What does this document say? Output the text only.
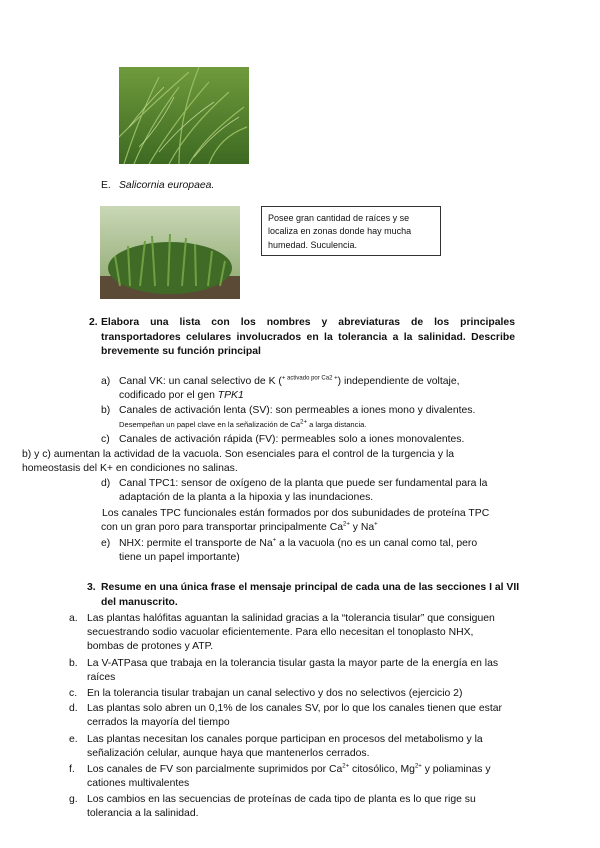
E. Salicornia europaea.
Posee gran cantidad de raíces y se localiza en zonas donde hay mucha humedad. Suculencia.
2. Elabora una lista con los nombres y abreviaturas de los principales transportadores celulares involucrados en la tolerancia a la salinidad. Describe brevemente su función principal
a) Canal VK: un canal selectivo de K ($^{+ activado por Ca2 +}$) independiente de voltaje,
codificado por el gen TPK1
b) Canales de activación lenta (SV): son permeables a iones mono y divalentes.
Desempeñan un papel clave en la señalización de $Ca^{2+}$ a larga distancia.
c) Canales de activación rápida (FV): permeables solo a iones monovalentes.
b) y c) aumentan la actividad de la vacuola. Son esenciales para el control de la turgencia y la
homeostasis del K+ en condiciones no salinas.
d) Canal TPC1: sensor de oxígeno de la planta que puede ser fundamental para la
adaptación de la planta a la hipoxia y las inundaciones.
Los canales TPC funcionales están formados por dos subunidades de proteína TPC
con un gran poro para transportar principalmente $Ca^{2+}$ y Na+
e) NHX: permite el transporte de Na+ a la vacuola (no es un canal como tal, pero
tiene un papel importante)
3. Resume en una única frase el mensaje principal de cada una de las secciones I al VII
del manuscrito.
a. Las plantas halófitas aguantan la salinidad gracias a la “tolerancia tisular” que consiguen
secuestrando sodio vacuolar eficientemente. Para ello necesitan el tonoplasto NHX,
bombas de protones y ATP.
b. La V-ATPasa que trabaja en la tolerancia tisular gasta la mayor parte de la energía en las
raíces
c. En la tolerancia tisular trabajan un canal selectivo y dos no selectivos (ejercicio 2)
d. Las plantas solo abren un 0,1% de los canales SV, por lo que los canales tienen que estar
cerrados la mayoría del tiempo
e. Las plantas necesitan los canales porque participan en procesos del metabolismo y la
señalización celular, aunque haya que mantenerlos cerrados.
f. Los canales de FV son parcialmente suprimidos por $Ca^{2+}$ citosólico, $Mg^{2+}$ y poliaminas y
cationes multivalentes
g. Los cambios en las secuencias de proteínas de cada tipo de planta es lo que rige su
tolerancia a la salinidad.
